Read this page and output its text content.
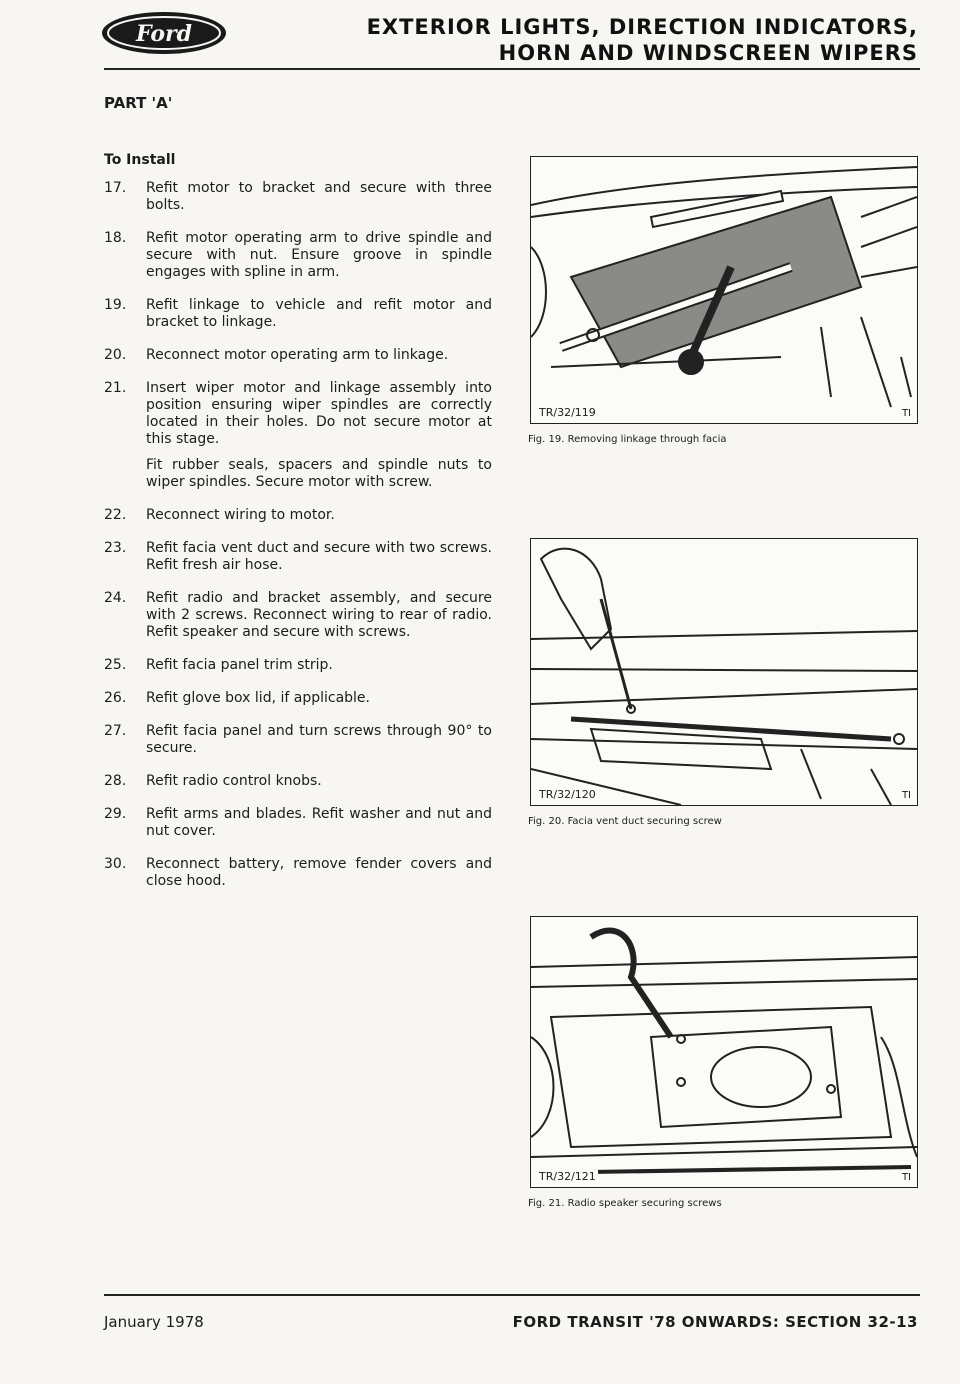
Ford	EXTERIOR LIGHTS, DIRECTION INDICATORS,
HORN AND WINDSCREEN WIPERS
PART 'A'
To Install
17.	Refit motor to bracket and secure with three bolts.

18.	Refit motor operating arm to drive spindle and secure with nut. Ensure groove in spindle engages with spline in arm.

19.	Refit linkage to vehicle and refit motor and bracket to linkage.

20.	Reconnect motor operating arm to linkage.

21.	Insert wiper motor and linkage assembly into position ensuring wiper spindles are correctly located in their holes. Do not secure motor at this stage.

Fit rubber seals, spacers and spindle nuts to wiper spindles. Secure motor with screw.

22.	Reconnect wiring to motor.

23.	Refit facia vent duct and secure with two screws. Refit fresh air hose.

24.	Refit radio and bracket assembly, and secure with 2 screws. Reconnect wiring to rear of radio. Refit speaker and secure with screws.

25.	Refit facia panel trim strip.

26.	Refit glove box lid, if applicable.

27.	Refit facia panel and turn screws through 90° to secure.

28.	Refit radio control knobs.

29.	Refit arms and blades. Refit washer and nut and nut cover.

30.	Reconnect battery, remove fender covers and close hood.

TR/32/119	TI
Fig. 19. Removing linkage through facia
TR/32/120	TI
Fig. 20. Facia vent duct securing screw
TR/32/121	TI
Fig. 21. Radio speaker securing screws
January 1978	FORD TRANSIT '78 ONWARDS: SECTION 32-13
